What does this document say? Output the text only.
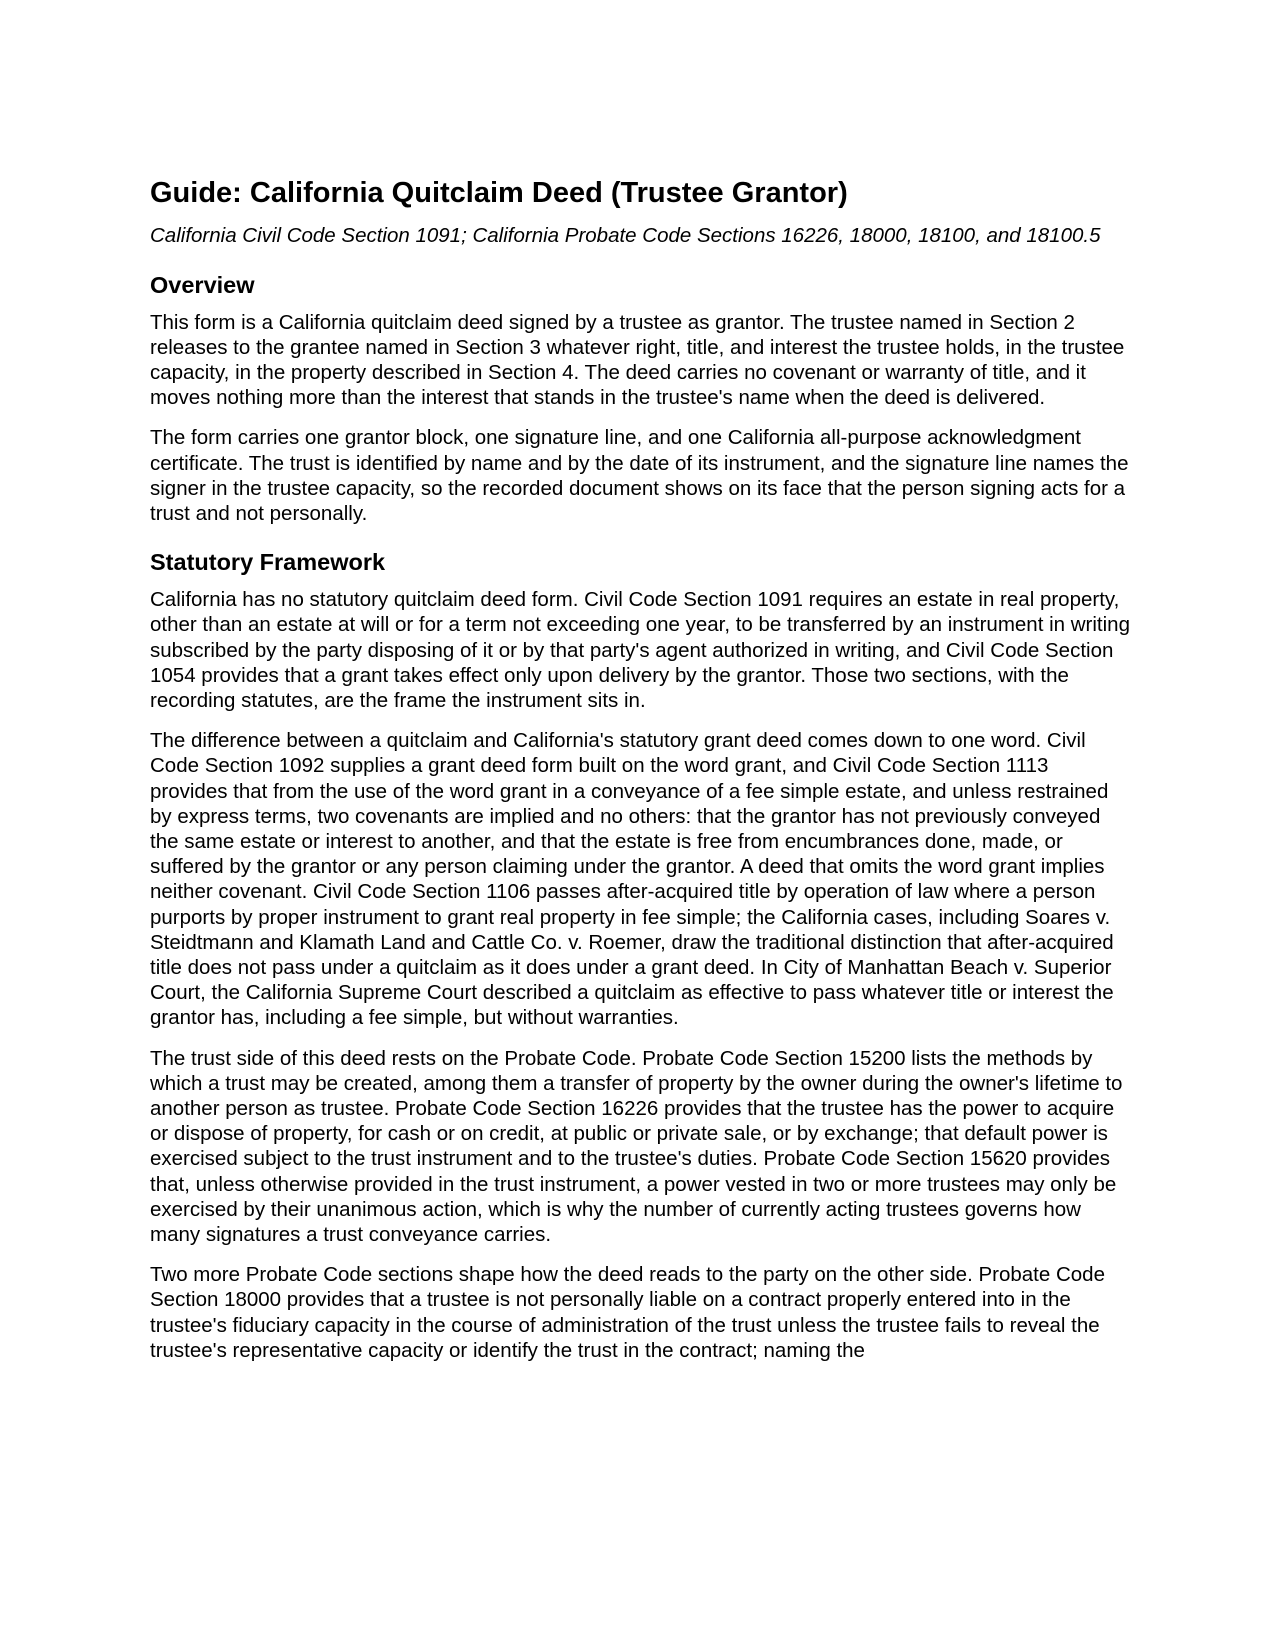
Guide: California Quitclaim Deed (Trustee Grantor)

California Civil Code Section 1091; California Probate Code Sections 16226, 18000, 18100, and 18100.5

Overview

This form is a California quitclaim deed signed by a trustee as grantor. The trustee named in Section 2 releases to the grantee named in Section 3 whatever right, title, and interest the trustee holds, in the trustee capacity, in the property described in Section 4. The deed carries no covenant or warranty of title, and it moves nothing more than the interest that stands in the trustee's name when the deed is delivered.

The form carries one grantor block, one signature line, and one California all-purpose acknowledgment certificate. The trust is identified by name and by the date of its instrument, and the signature line names the signer in the trustee capacity, so the recorded document shows on its face that the person signing acts for a trust and not personally.

Statutory Framework

California has no statutory quitclaim deed form. Civil Code Section 1091 requires an estate in real property, other than an estate at will or for a term not exceeding one year, to be transferred by an instrument in writing subscribed by the party disposing of it or by that party's agent authorized in writing, and Civil Code Section 1054 provides that a grant takes effect only upon delivery by the grantor. Those two sections, with the recording statutes, are the frame the instrument sits in.

The difference between a quitclaim and California's statutory grant deed comes down to one word. Civil Code Section 1092 supplies a grant deed form built on the word grant, and Civil Code Section 1113 provides that from the use of the word grant in a conveyance of a fee simple estate, and unless restrained by express terms, two covenants are implied and no others: that the grantor has not previously conveyed the same estate or interest to another, and that the estate is free from encumbrances done, made, or suffered by the grantor or any person claiming under the grantor. A deed that omits the word grant implies neither covenant. Civil Code Section 1106 passes after-acquired title by operation of law where a person purports by proper instrument to grant real property in fee simple; the California cases, including Soares v. Steidtmann and Klamath Land and Cattle Co. v. Roemer, draw the traditional distinction that after-acquired title does not pass under a quitclaim as it does under a grant deed. In City of Manhattan Beach v. Superior Court, the California Supreme Court described a quitclaim as effective to pass whatever title or interest the grantor has, including a fee simple, but without warranties.

The trust side of this deed rests on the Probate Code. Probate Code Section 15200 lists the methods by which a trust may be created, among them a transfer of property by the owner during the owner's lifetime to another person as trustee. Probate Code Section 16226 provides that the trustee has the power to acquire or dispose of property, for cash or on credit, at public or private sale, or by exchange; that default power is exercised subject to the trust instrument and to the trustee's duties. Probate Code Section 15620 provides that, unless otherwise provided in the trust instrument, a power vested in two or more trustees may only be exercised by their unanimous action, which is why the number of currently acting trustees governs how many signatures a trust conveyance carries.

Two more Probate Code sections shape how the deed reads to the party on the other side. Probate Code Section 18000 provides that a trustee is not personally liable on a contract properly entered into in the trustee's fiduciary capacity in the course of administration of the trust unless the trustee fails to reveal the trustee's representative capacity or identify the trust in the contract; naming the
